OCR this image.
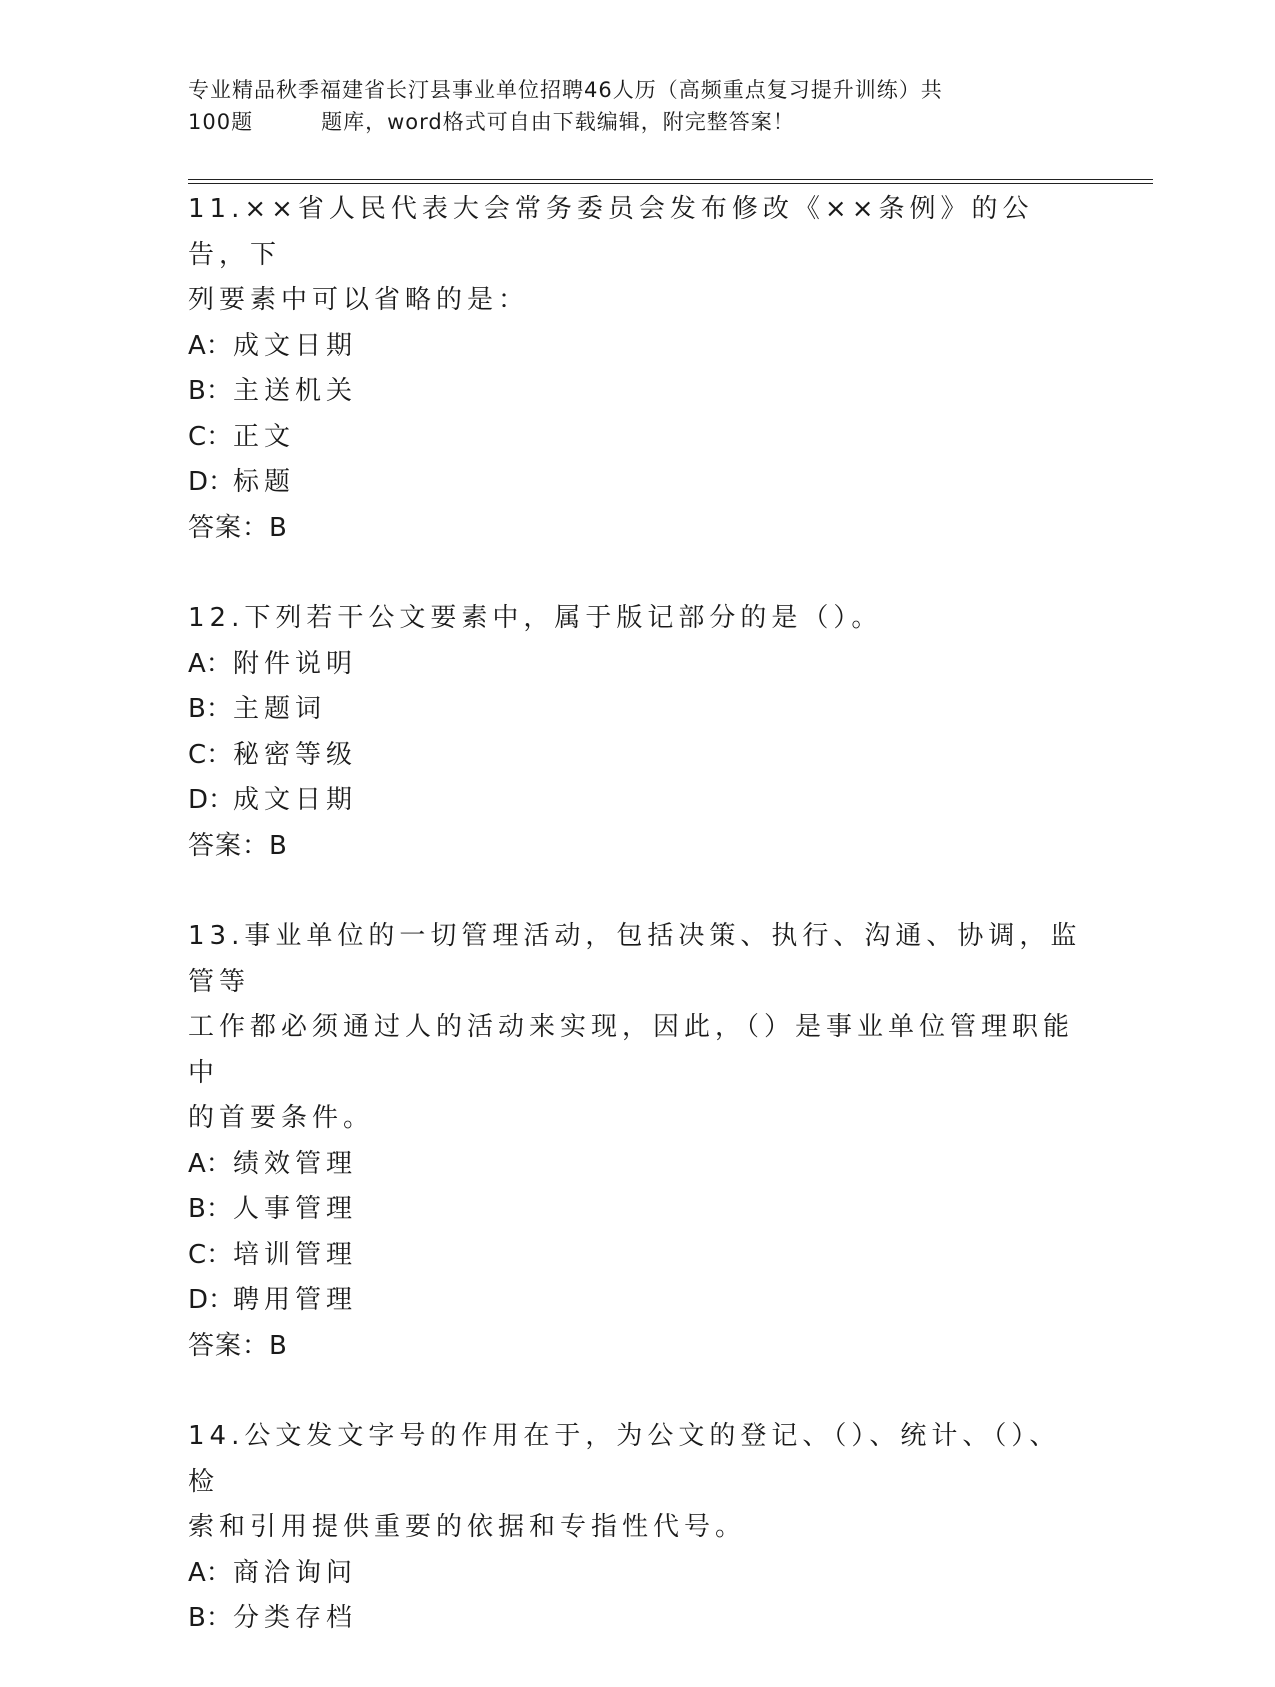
专业精品秋季福建省长汀县事业单位招聘46人历（高频重点复习提升训练）共
100题	题库，word格式可自由下载编辑，附完整答案！
11.××省人民代表大会常务委员会发布修改《××条例》的公告，下
列要素中可以省略的是：
A：成文日期
B：主送机关
C：正文
D：标题
答案：B
12.下列若干公文要素中，属于版记部分的是（）。
A：附件说明
B：主题词
C：秘密等级
D：成文日期
答案：B
13.事业单位的一切管理活动，包括决策、执行、沟通、协调，监管等
工作都必须通过人的活动来实现，因此，（）是事业单位管理职能中
的首要条件。
A：绩效管理
B：人事管理
C：培训管理
D：聘用管理
答案：B
14.公文发文字号的作用在于，为公文的登记、（）、统计、（）、检
索和引用提供重要的依据和专指性代号。
A：商洽询问
B：分类存档
